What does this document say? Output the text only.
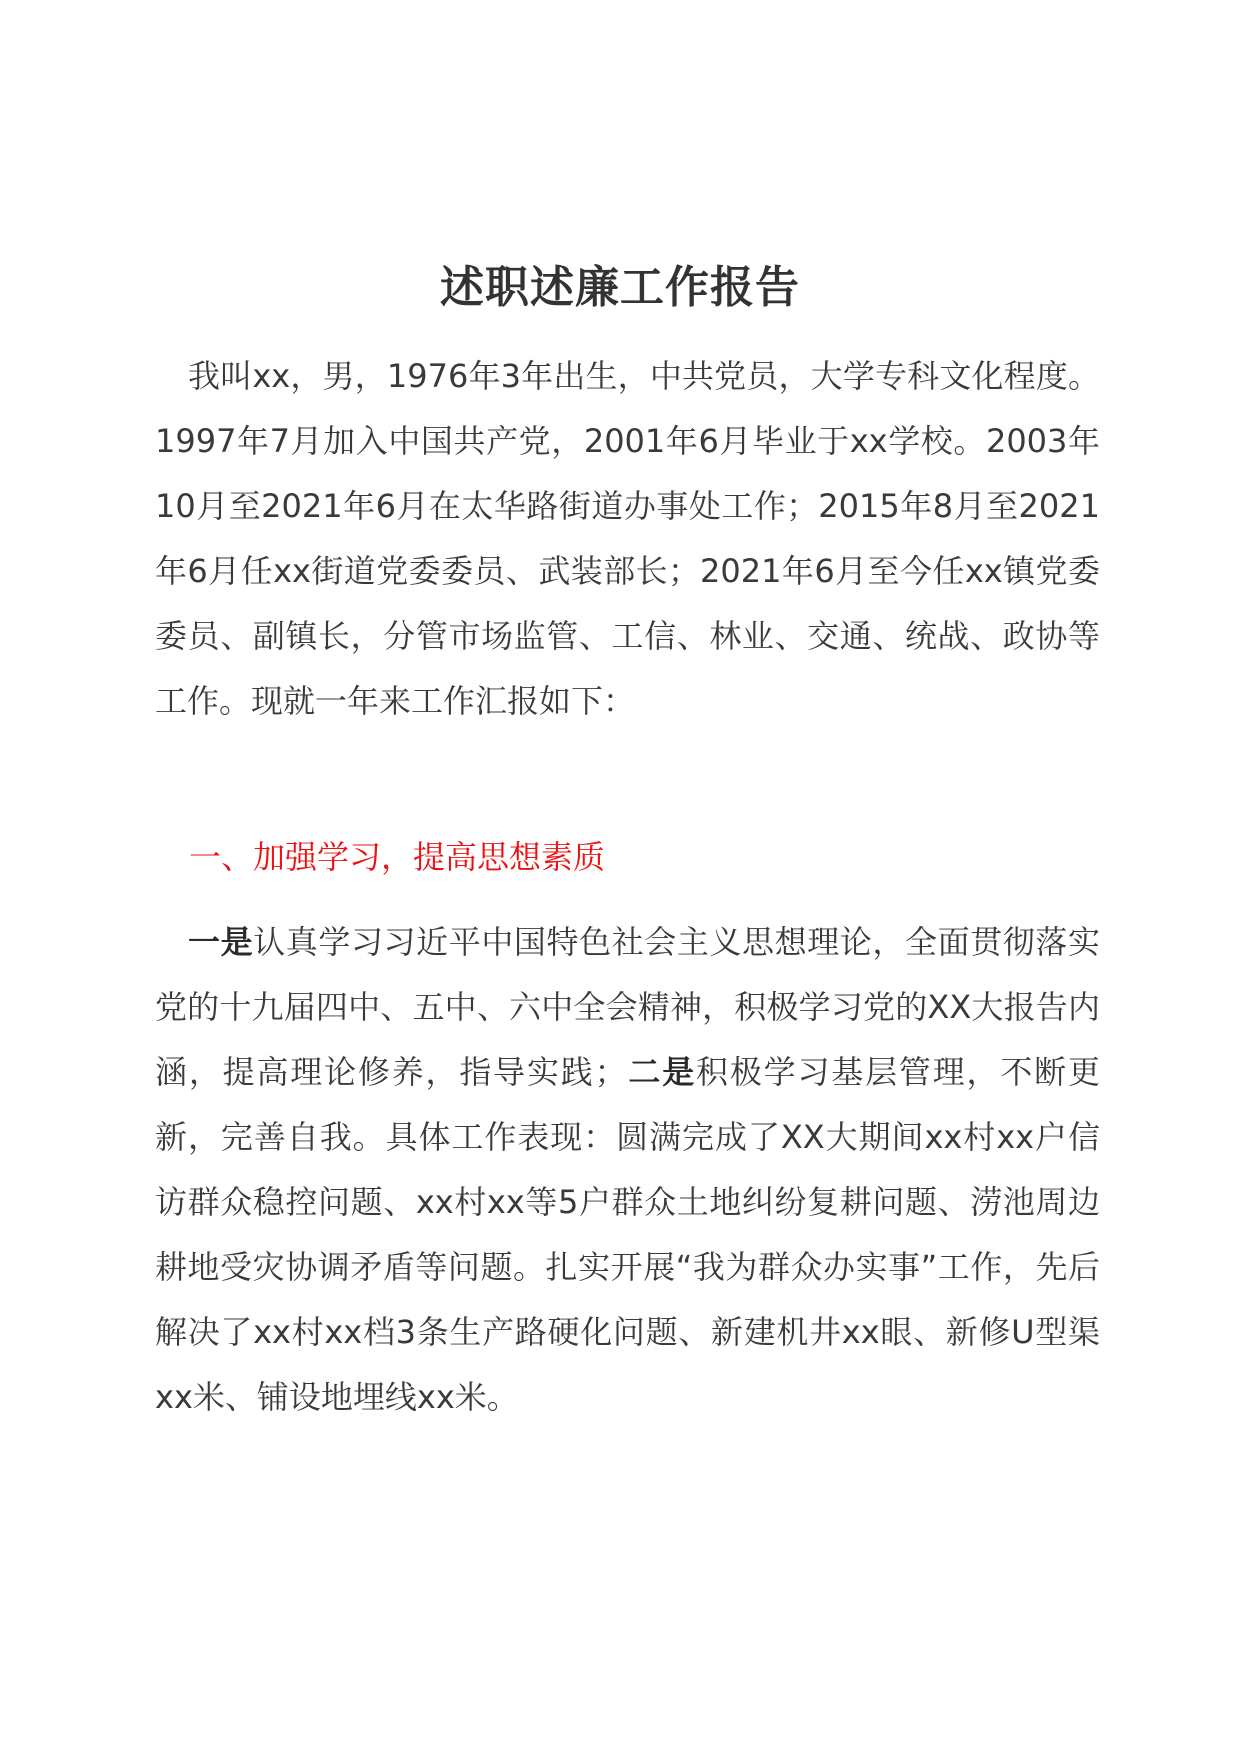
述职述廉工作报告

我叫xx，男，1976年3年出生，中共党员，大学专科文化程度。1997年7月加入中国共产党，2001年6月毕业于xx学校。2003年10月至2021年6月在太华路街道办事处工作；2015年8月至2021年6月任xx街道党委委员、武装部长；2021年6月至今任xx镇党委委员、副镇长，分管市场监管、工信、林业、交通、统战、政协等工作。现就一年来工作汇报如下：

一、加强学习，提高思想素质

一是认真学习习近平中国特色社会主义思想理论，全面贯彻落实党的十九届四中、五中、六中全会精神，积极学习党的XX大报告内涵，提高理论修养，指导实践；二是积极学习基层管理，不断更新，完善自我。具体工作表现：圆满完成了XX大期间xx村xx户信访群众稳控问题、xx村xx等5户群众土地纠纷复耕问题、涝池周边耕地受灾协调矛盾等问题。扎实开展“我为群众办实事”工作，先后解决了xx村xx档3条生产路硬化问题、新建机井xx眼、新修U型渠xx米、铺设地埋线xx米。
